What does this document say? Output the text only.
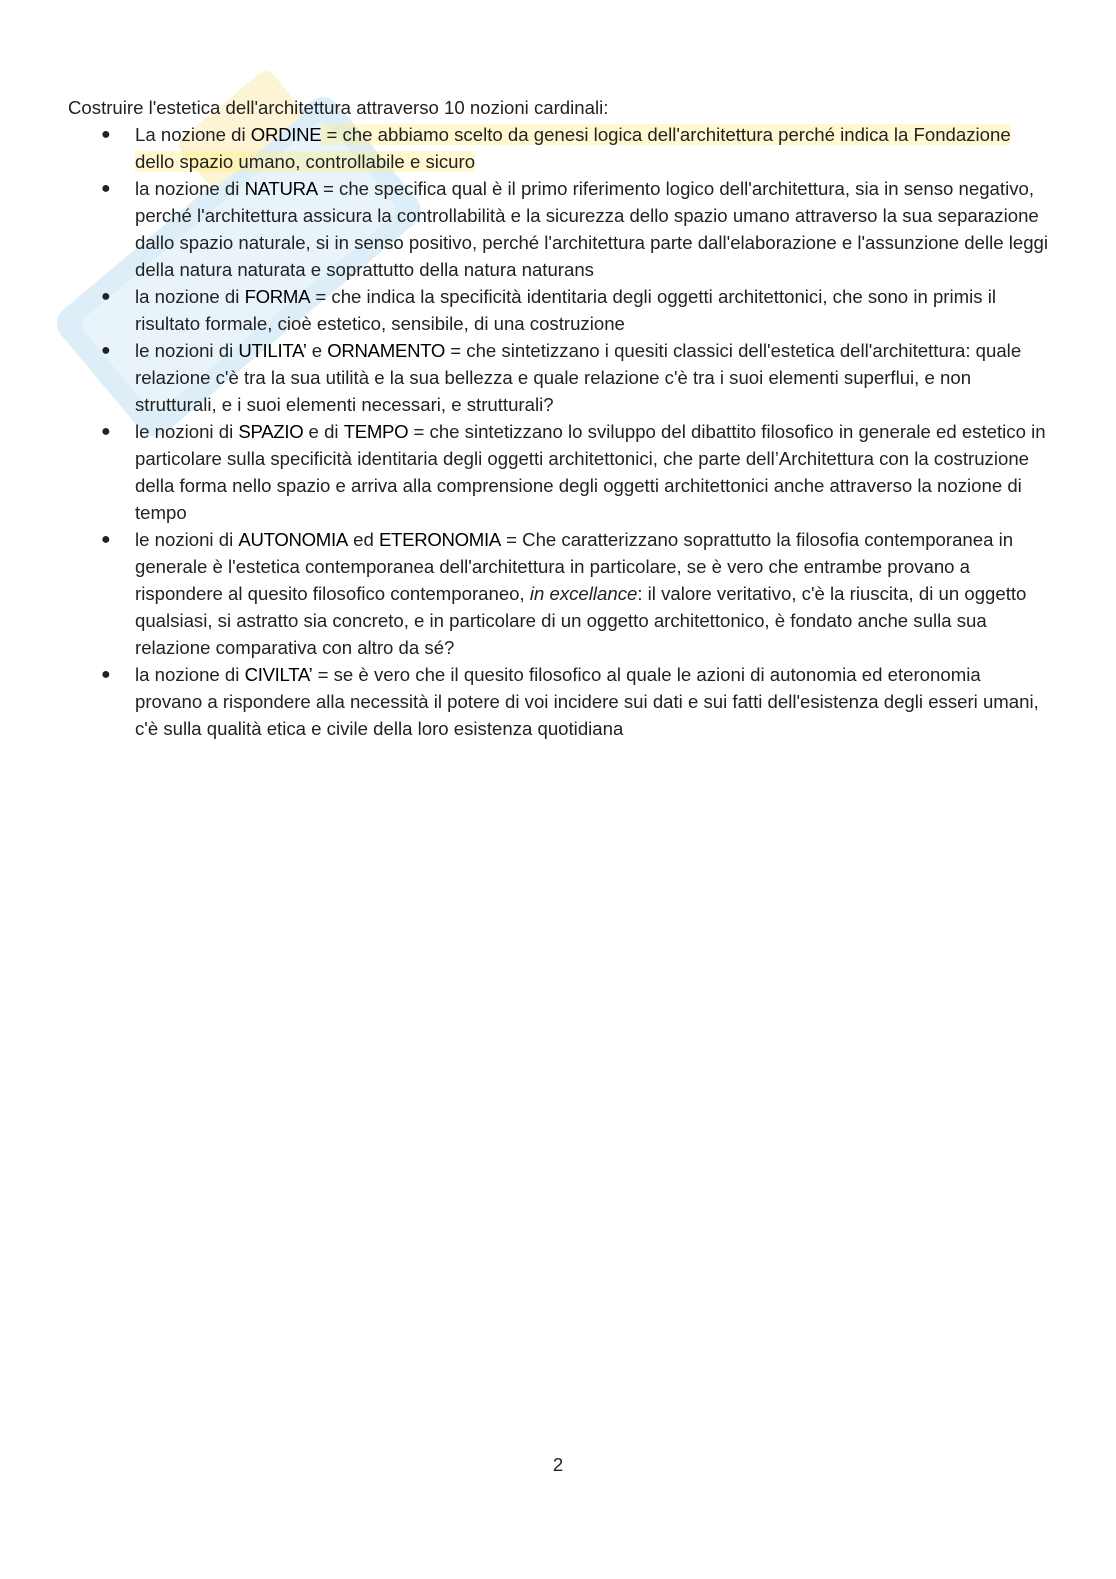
Costruire l'estetica dell'architettura attraverso 10 nozioni cardinali:

● La nozione di ORDINE = che abbiamo scelto da genesi logica dell'architettura perché indica la Fondazione dello spazio umano, controllabile e sicuro
● la nozione di NATURA = che specifica qual è il primo riferimento logico dell'architettura, sia in senso negativo, perché l'architettura assicura la controllabilità e la sicurezza dello spazio umano attraverso la sua separazione dallo spazio naturale, si in senso positivo, perché l'architettura parte dall'elaborazione e l'assunzione delle leggi della natura naturata e soprattutto della natura naturans
● la nozione di FORMA = che indica la specificità identitaria degli oggetti architettonici, che sono in primis il risultato formale, cioè estetico, sensibile, di una costruzione
● le nozioni di UTILITA’ e ORNAMENTO = che sintetizzano i quesiti classici dell'estetica dell'architettura: quale relazione c'è tra la sua utilità e la sua bellezza e quale relazione c'è tra i suoi elementi superflui, e non strutturali, e i suoi elementi necessari, e strutturali?
● le nozioni di SPAZIO e di TEMPO = che sintetizzano lo sviluppo del dibattito filosofico in generale ed estetico in particolare sulla specificità identitaria degli oggetti architettonici, che parte dell’Architettura con la costruzione della forma nello spazio e arriva alla comprensione degli oggetti architettonici anche attraverso la nozione di tempo
● le nozioni di AUTONOMIA ed ETERONOMIA = Che caratterizzano soprattutto la filosofia contemporanea in generale è l'estetica contemporanea dell'architettura in particolare, se è vero che entrambe provano a rispondere al quesito filosofico contemporaneo, in excellance: il valore veritativo, c'è la riuscita, di un oggetto qualsiasi, si astratto sia concreto, e in particolare di un oggetto architettonico, è fondato anche sulla sua relazione comparativa con altro da sé?
● la nozione di CIVILTA’ = se è vero che il quesito filosofico al quale le azioni di autonomia ed eteronomia provano a rispondere alla necessità il potere di voi incidere sui dati e sui fatti dell'esistenza degli esseri umani, c'è sulla qualità etica e civile della loro esistenza quotidiana
2
